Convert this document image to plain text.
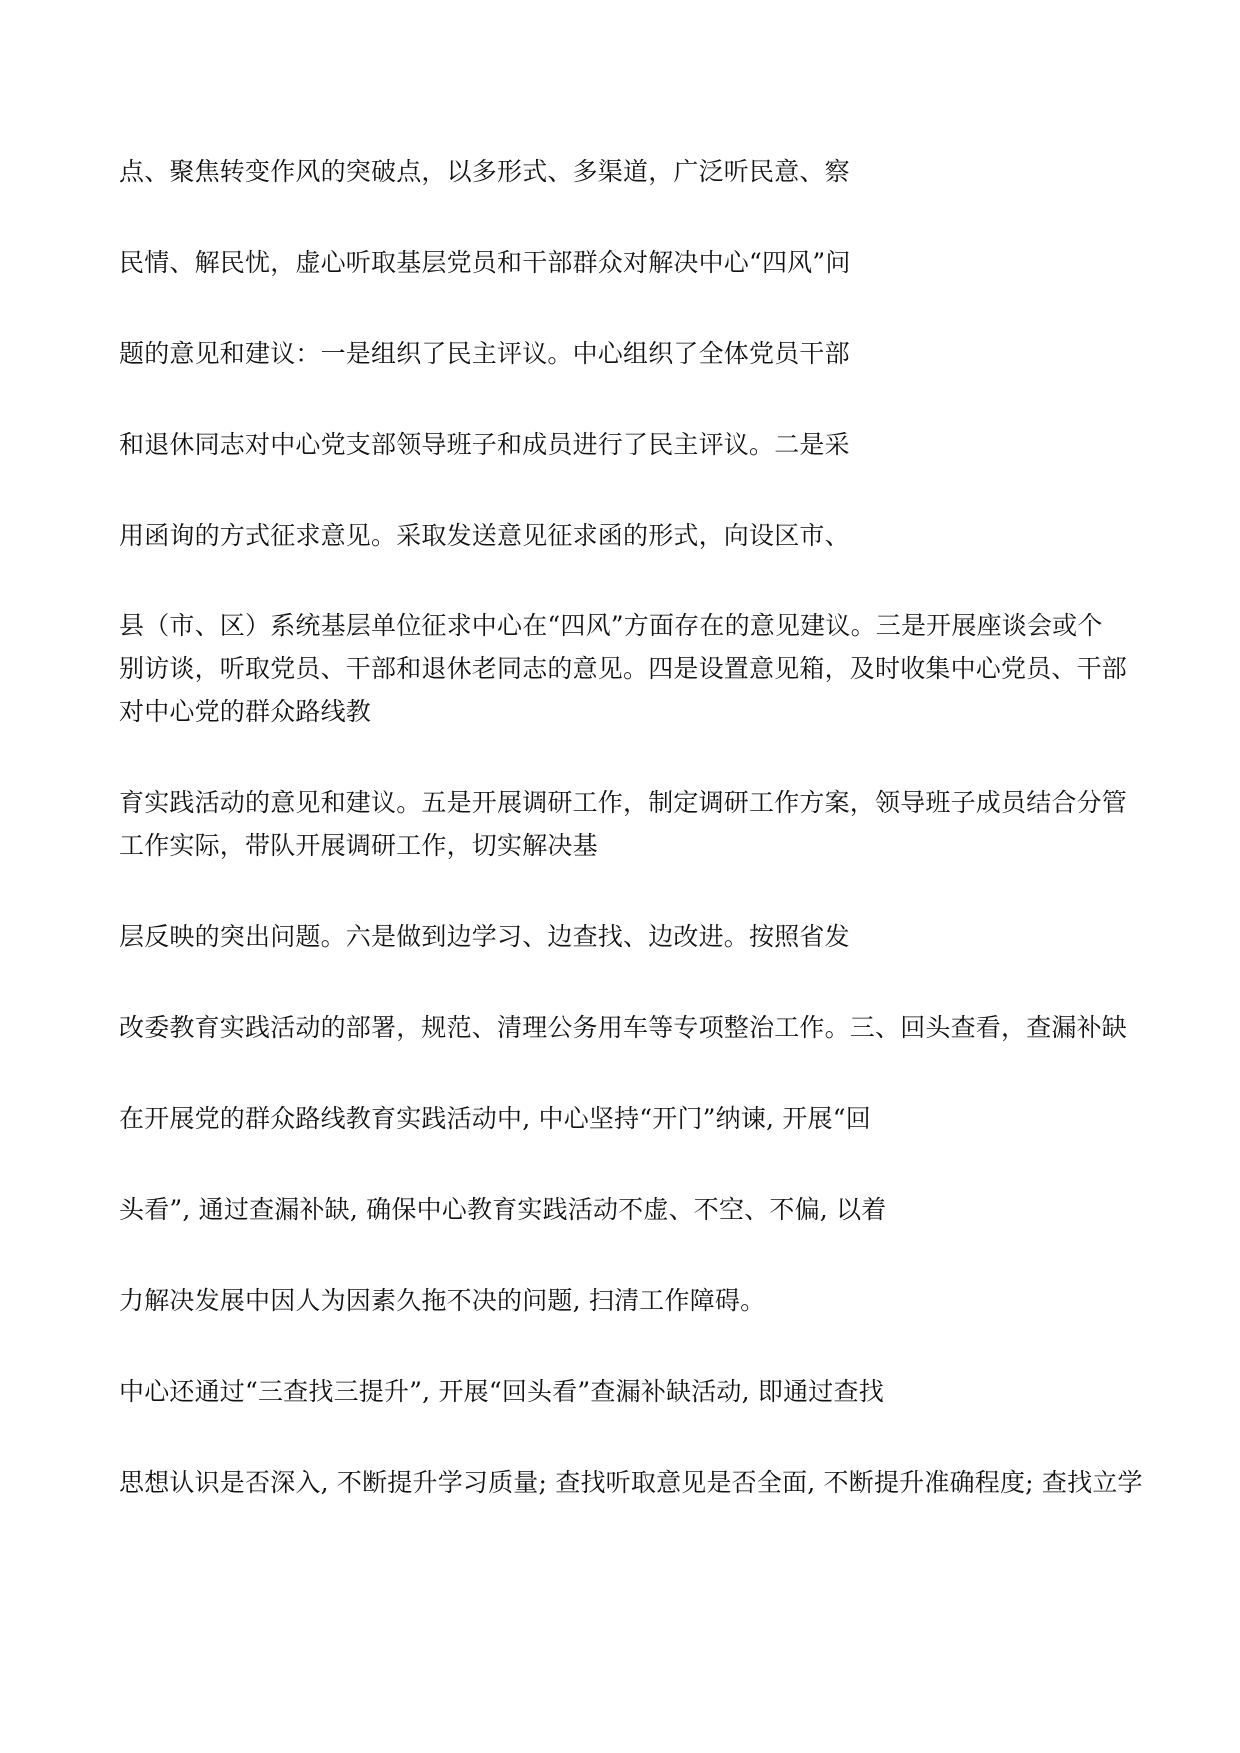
点、聚焦转变作风的突破点，以多形式、多渠道，广泛听民意、察
民情、解民忧，虚心听取基层党员和干部群众对解决中心“四风”问
题的意见和建议：一是组织了民主评议。中心组织了全体党员干部
和退休同志对中心党支部领导班子和成员进行了民主评议。二是采
用函询的方式征求意见。采取发送意见征求函的形式，向设区市、
县（市、区）系统基层单位征求中心在“四风”方面存在的意见建议。三是开展座谈会或个
别访谈，听取党员、干部和退休老同志的意见。四是设置意见箱，及时收集中心党员、干部
对中心党的群众路线教
育实践活动的意见和建议。五是开展调研工作，制定调研工作方案，领导班子成员结合分管
工作实际，带队开展调研工作，切实解决基
层反映的突出问题。六是做到边学习、边查找、边改进。按照省发
改委教育实践活动的部署，规范、清理公务用车等专项整治工作。三、回头查看，查漏补缺
在开展党的群众路线教育实践活动中, 中心坚持“开门”纳谏, 开展“回
头看”, 通过查漏补缺, 确保中心教育实践活动不虚、不空、不偏, 以着
力解决发展中因人为因素久拖不决的问题, 扫清工作障碍。
中心还通过“三查找三提升”, 开展“回头看”查漏补缺活动, 即通过查找
思想认识是否深入, 不断提升学习质量; 查找听取意见是否全面, 不断提升准确程度; 查找立学
